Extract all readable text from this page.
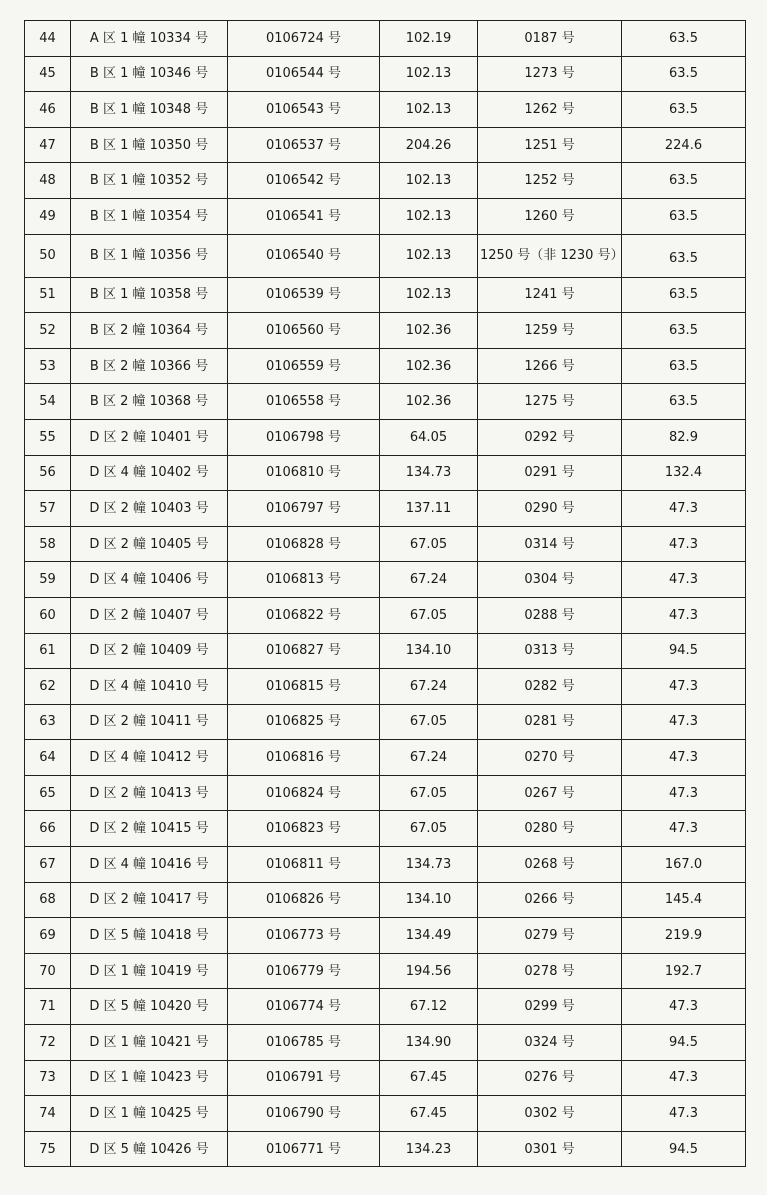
44	A 区 1 幢 10334 号	0106724 号	102.19	0187 号	63.5
45	B 区 1 幢 10346 号	0106544 号	102.13	1273 号	63.5
46	B 区 1 幢 10348 号	0106543 号	102.13	1262 号	63.5
47	B 区 1 幢 10350 号	0106537 号	204.26	1251 号	224.6
48	B 区 1 幢 10352 号	0106542 号	102.13	1252 号	63.5
49	B 区 1 幢 10354 号	0106541 号	102.13	1260 号	63.5
50	B 区 1 幢 10356 号	0106540 号	102.13	1250 号（非 1230 号）	63.5
51	B 区 1 幢 10358 号	0106539 号	102.13	1241 号	63.5
52	B 区 2 幢 10364 号	0106560 号	102.36	1259 号	63.5
53	B 区 2 幢 10366 号	0106559 号	102.36	1266 号	63.5
54	B 区 2 幢 10368 号	0106558 号	102.36	1275 号	63.5
55	D 区 2 幢 10401 号	0106798 号	64.05	0292 号	82.9
56	D 区 4 幢 10402 号	0106810 号	134.73	0291 号	132.4
57	D 区 2 幢 10403 号	0106797 号	137.11	0290 号	47.3
58	D 区 2 幢 10405 号	0106828 号	67.05	0314 号	47.3
59	D 区 4 幢 10406 号	0106813 号	67.24	0304 号	47.3
60	D 区 2 幢 10407 号	0106822 号	67.05	0288 号	47.3
61	D 区 2 幢 10409 号	0106827 号	134.10	0313 号	94.5
62	D 区 4 幢 10410 号	0106815 号	67.24	0282 号	47.3
63	D 区 2 幢 10411 号	0106825 号	67.05	0281 号	47.3
64	D 区 4 幢 10412 号	0106816 号	67.24	0270 号	47.3
65	D 区 2 幢 10413 号	0106824 号	67.05	0267 号	47.3
66	D 区 2 幢 10415 号	0106823 号	67.05	0280 号	47.3
67	D 区 4 幢 10416 号	0106811 号	134.73	0268 号	167.0
68	D 区 2 幢 10417 号	0106826 号	134.10	0266 号	145.4
69	D 区 5 幢 10418 号	0106773 号	134.49	0279 号	219.9
70	D 区 1 幢 10419 号	0106779 号	194.56	0278 号	192.7
71	D 区 5 幢 10420 号	0106774 号	67.12	0299 号	47.3
72	D 区 1 幢 10421 号	0106785 号	134.90	0324 号	94.5
73	D 区 1 幢 10423 号	0106791 号	67.45	0276 号	47.3
74	D 区 1 幢 10425 号	0106790 号	67.45	0302 号	47.3
75	D 区 5 幢 10426 号	0106771 号	134.23	0301 号	94.5
